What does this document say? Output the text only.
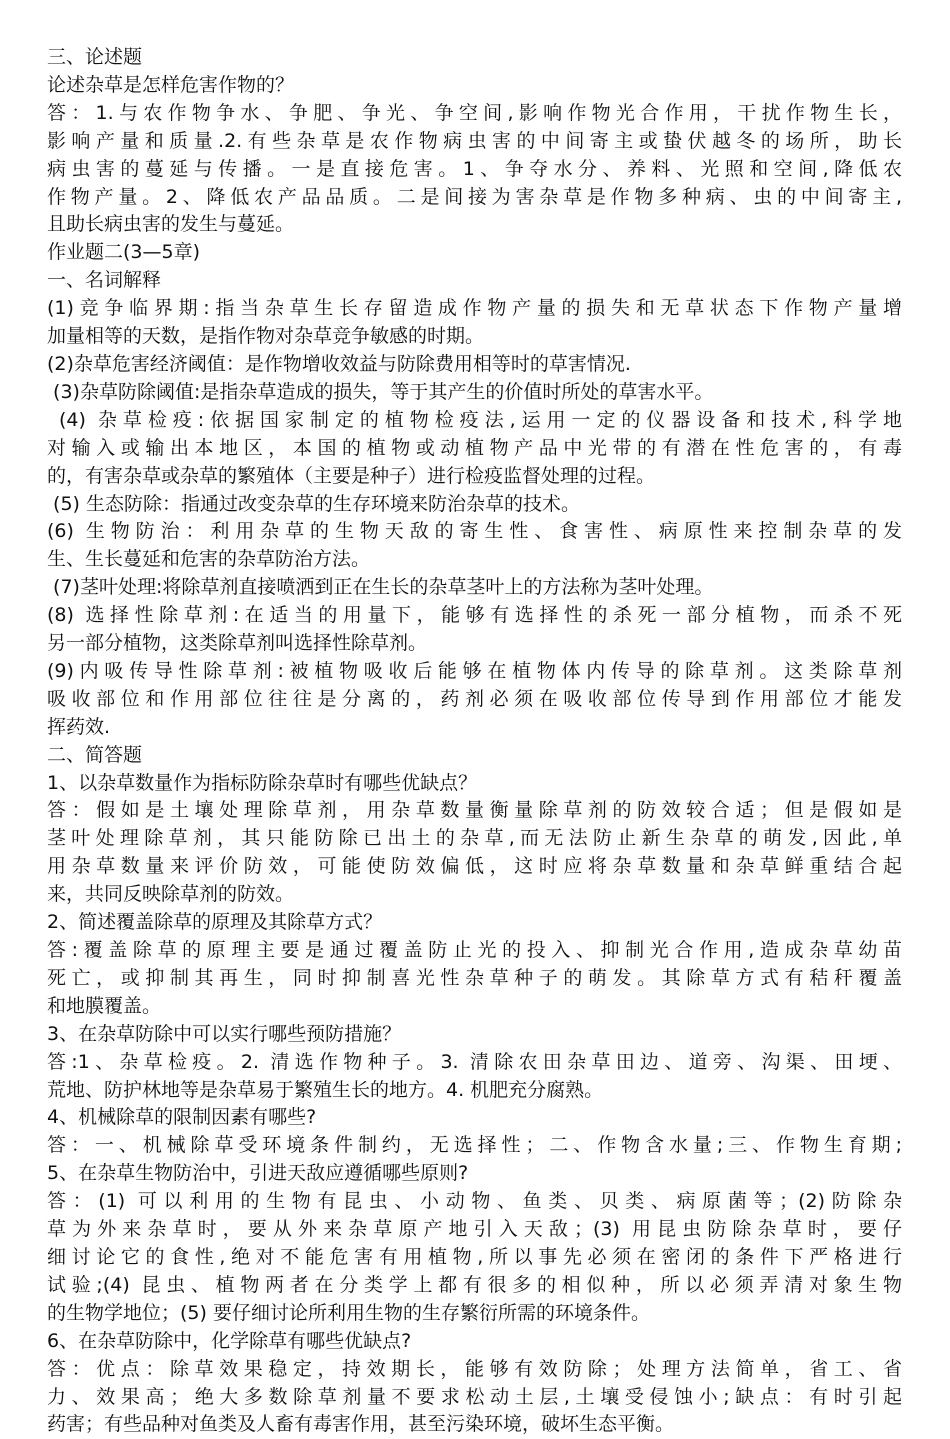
三、论述题
论述杂草是怎样危害作物的？
答：1.与农作物争水、争肥、争光、争空间,影响作物光合作用，干扰作物生长，
影响产量和质量.2.有些杂草是农作物病虫害的中间寄主或蛰伏越冬的场所，助长
病虫害的蔓延与传播。一是直接危害。1、争夺水分、养料、光照和空间,降低农
作物产量。2、降低农产品品质。二是间接为害杂草是作物多种病、虫的中间寄主,
且助长病虫害的发生与蔓延。
作业题二(3—5章)
一、名词解释
(1)竞争临界期:指当杂草生长存留造成作物产量的损失和无草状态下作物产量增
加量相等的天数，是指作物对杂草竞争敏感的时期。
(2)杂草危害经济阈值：是作物增收效益与防除费用相等时的草害情况.
(3)杂草防除阈值:是指杂草造成的损失，等于其产生的价值时所处的草害水平。
(4) 杂草检疫:依据国家制定的植物检疫法,运用一定的仪器设备和技术,科学地
对输入或输出本地区，本国的植物或动植物产品中光带的有潜在性危害的，有毒
的，有害杂草或杂草的繁殖体（主要是种子）进行检疫监督处理的过程。
(5) 生态防除：指通过改变杂草的生存环境来防治杂草的技术。
(6) 生物防治：利用杂草的生物天敌的寄生性、食害性、病原性来控制杂草的发
生、生长蔓延和危害的杂草防治方法。
(7)茎叶处理:将除草剂直接喷洒到正在生长的杂草茎叶上的方法称为茎叶处理。
(8) 选择性除草剂:在适当的用量下，能够有选择性的杀死一部分植物，而杀不死
另一部分植物，这类除草剂叫选择性除草剂。
(9)内吸传导性除草剂:被植物吸收后能够在植物体内传导的除草剂。这类除草剂
吸收部位和作用部位往往是分离的，药剂必须在吸收部位传导到作用部位才能发
挥药效.
二、简答题
1、以杂草数量作为指标防除杂草时有哪些优缺点？
答：假如是土壤处理除草剂，用杂草数量衡量除草剂的防效较合适；但是假如是
茎叶处理除草剂，其只能防除已出土的杂草,而无法防止新生杂草的萌发,因此,单
用杂草数量来评价防效，可能使防效偏低，这时应将杂草数量和杂草鲜重结合起
来，共同反映除草剂的防效。
2、简述覆盖除草的原理及其除草方式？
答:覆盖除草的原理主要是通过覆盖防止光的投入、抑制光合作用,造成杂草幼苗
死亡，或抑制其再生，同时抑制喜光性杂草种子的萌发。其除草方式有秸秆覆盖
和地膜覆盖。
3、在杂草防除中可以实行哪些预防措施？
答:1、杂草检疫。2. 清选作物种子。3. 清除农田杂草田边、道旁、沟渠、田埂、
荒地、防护林地等是杂草易于繁殖生长的地方。4. 机肥充分腐熟。
4、机械除草的限制因素有哪些?
答：一、机械除草受环境条件制约，无选择性；二、作物含水量;三、作物生育期;
5、在杂草生物防治中，引进天敌应遵循哪些原则?
答：(1) 可以利用的生物有昆虫、小动物、鱼类、贝类、病原菌等；(2)防除杂
草为外来杂草时，要从外来杂草原产地引入天敌；(3) 用昆虫防除杂草时，要仔
细讨论它的食性,绝对不能危害有用植物,所以事先必须在密闭的条件下严格进行
试验;(4) 昆虫、植物两者在分类学上都有很多的相似种，所以必须弄清对象生物
的生物学地位；(5) 要仔细讨论所利用生物的生存繁衍所需的环境条件。
6、在杂草防除中，化学除草有哪些优缺点?
答：优点：除草效果稳定，持效期长，能够有效防除；处理方法简单，省工、省
力、效果高；绝大多数除草剂量不要求松动土层,土壤受侵蚀小;缺点：有时引起
药害；有些品种对鱼类及人畜有毒害作用，甚至污染环境，破坏生态平衡。
